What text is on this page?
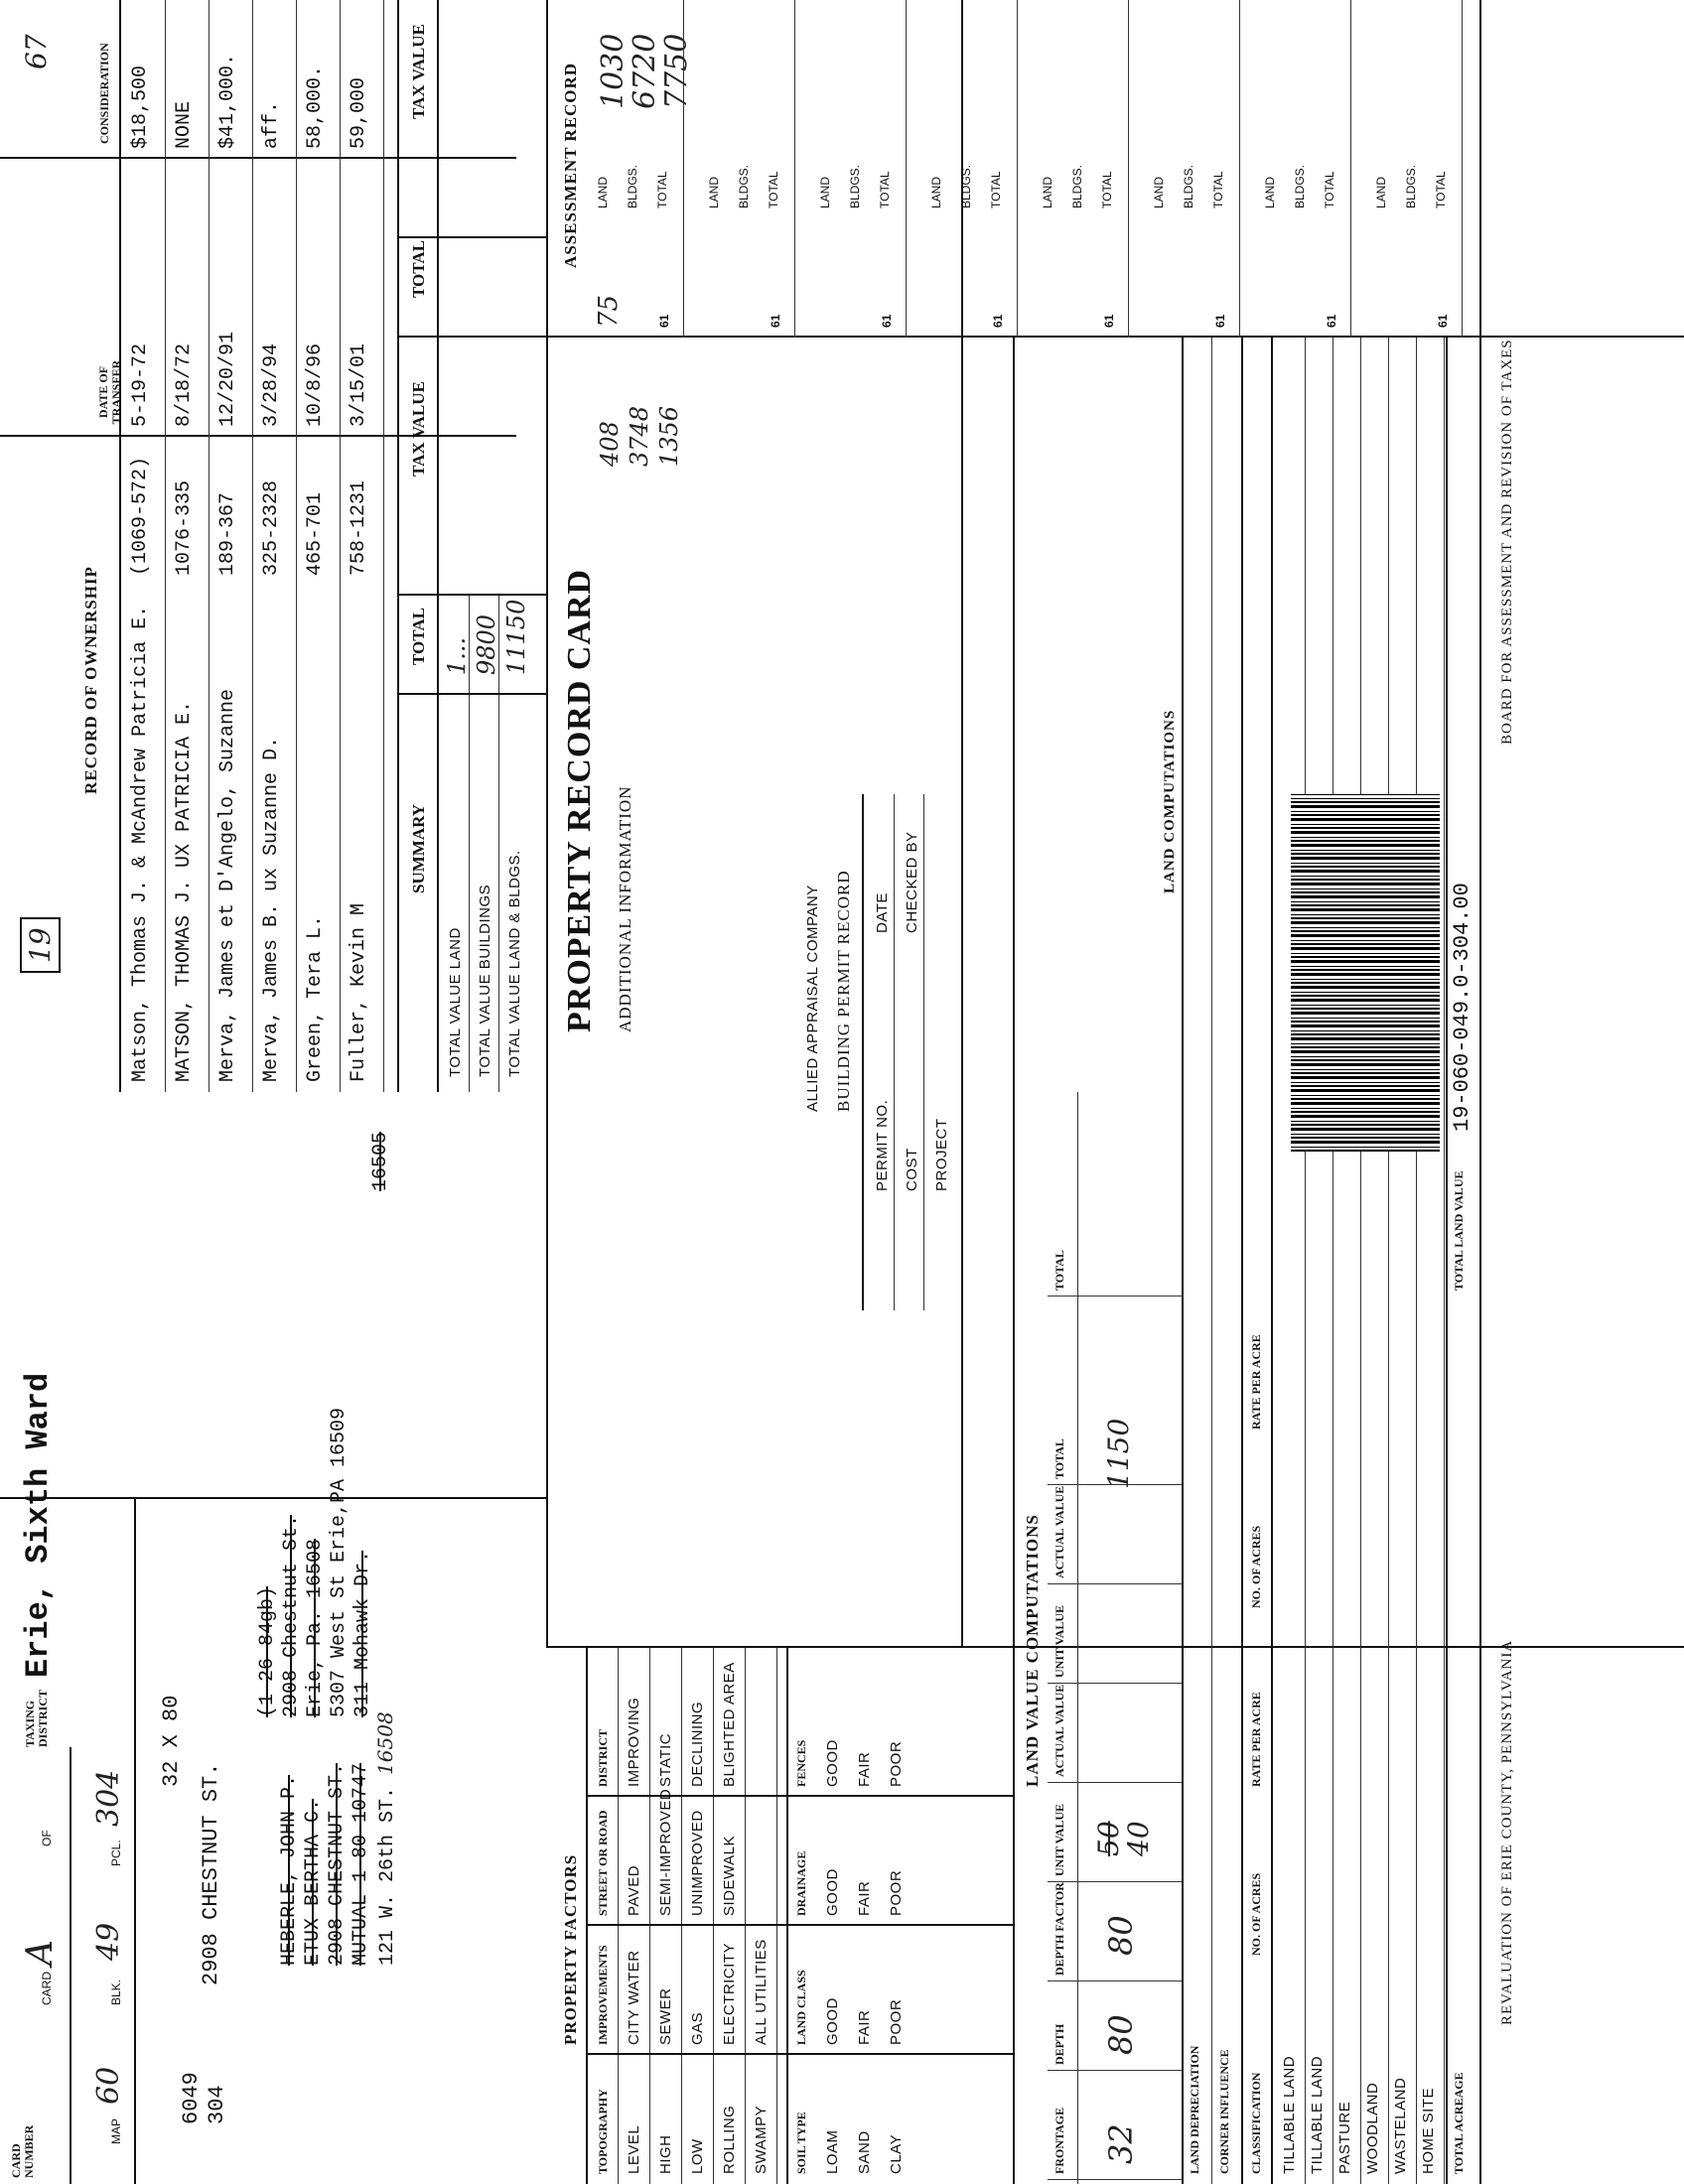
CARD NUMBER	MAP
60
BLK.
49
PCL.
304
CARD
A
OF
TAXING DISTRICT
Erie, Sixth Ward
19
67
6049 304
2908 CHESTNUT ST.
32 X 80
HEBERLE, JOHN P. ETUX BERTHA C. 2908 CHESTNUT ST. MUTUAL 1-80-10747 121 W. 26th ST. 16508
(1-26-84gb) 2908 Chestnut St. Erie, Pa. 16508 5307 West St Erie,PA 16509 311 Mohawk Dr.
16505
RECORD OF OWNERSHIP
DATE OF TRANSFER
CONSIDERATION
Matson, Thomas J. & McAndrew Patricia E.
(1069-572)
5-19-72
$18,500
MATSON, THOMAS J. UX PATRICIA E.
1076-335
8/18/72
NONE
Merva, James et D'Angelo, Suzanne
189-367
12/20/91
$41,000.
Merva, James B. ux Suzanne D.
325-2328
3/28/94
aff.
Green, Tera L.
465-701
10/8/96
58,000.
Fuller, Kevin M
758-1231
3/15/01
59,000
SUMMARY
TOTAL
TAX VALUE
TOTAL
TAX VALUE
TOTAL VALUE LAND TOTAL VALUE BUILDINGS TOTAL VALUE LAND & BLDGS.
1... 9800 11150 PROPERTY RECORD CARD ADDITIONAL INFORMATION
408 3748 1356
ALLIED APPRAISAL COMPANY BUILDING PERMIT RECORD
PERMIT NO. COST PROJECT
DATE CHECKED BY
ASSESSMENT RECORD
75
1030
6720
7750
LAND BLDGS. TOTAL
61
LAND BLDGS. TOTAL
61
LAND BLDGS. TOTAL
61
LAND BLDGS. TOTAL
61
LAND BLDGS. TOTAL
61
LAND BLDGS. TOTAL
61
LAND BLDGS. TOTAL
61
LAND BLDGS. TOTAL
61
PROPERTY FACTORS
TOPOGRAPHY
IMPROVEMENTS
STREET OR ROAD
DISTRICT
LEVEL HIGH LOW ROLLING SWAMPY
CITY WATER SEWER GAS ELECTRICITY ALL UTILITIES
PAVED SEMI-IMPROVED UNIMPROVED SIDEWALK
IMPROVING STATIC DECLINING BLIGHTED AREA
SOIL TYPE LOAM SAND CLAY
LAND CLASS GOOD FAIR POOR
DRAINAGE GOOD FAIR POOR
FENCES GOOD FAIR POOR	LAND VALUE COMPUTATIONS
FRONTAGE
DEPTH
DEPTH FACTOR
UNIT VALUE
ACTUAL VALUE
UNIT VALUE
ACTUAL VALUE
TOTAL
TOTAL
32
80
80
50
40
1150
LAND DEPRECIATION CORNER INFLUENCE CLASSIFICATION
NO. OF ACRES
RATE PER ACRE
NO. OF ACRES
RATE PER ACRE
TILLABLE LAND TILLABLE LAND PASTURE WOODLAND WASTELAND HOME SITE TOTAL ACREAGE
TOTAL LAND VALUE
LAND COMPUTATIONS
19-060-049.0-304.00
REVALUATION OF ERIE COUNTY, PENNSYLVANIA
BOARD FOR ASSESSMENT AND REVISION OF TAXES
